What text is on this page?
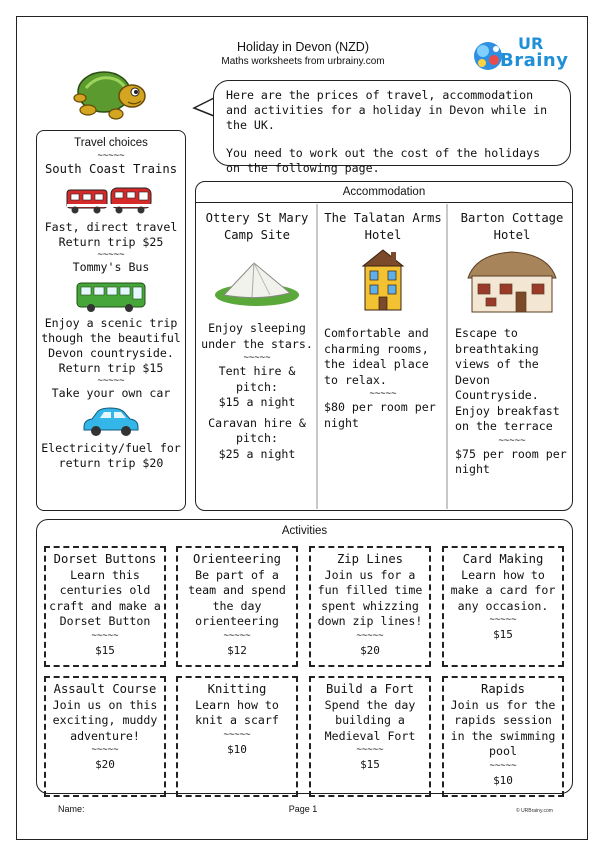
Holiday in Devon (NZD)
Maths worksheets from urbrainy.com
UR
Brainy

Here are the prices of travel, accommodation and activities for a holiday in Devon while in the UK.

You need to work out the cost of the holidays on the following page.

Travel choices
~~~~~
South Coast Trains
Fast, direct travel
Return trip $25
~~~~~
Tommy's Bus
Enjoy a scenic trip though the beautiful Devon countryside.
Return trip $15
~~~~~
Take your own car
Electricity/fuel for return trip $20
Accommodation
Ottery St Mary Camp Site
Enjoy sleeping under the stars.
~~~~~
Tent hire & pitch:
$15 a night
Caravan hire & pitch:
$25 a night
The Talatan Arms Hotel
Comfortable and charming rooms, the ideal place to relax.
~~~~~
$80 per room per night
Barton Cottage Hotel
Escape to breathtaking views of the Devon Countryside. Enjoy breakfast on the terrace
~~~~~
$75 per room per night
Activities
Dorset Buttons
Learn this centuries old craft and make a Dorset Button
~~~~~
$15
Orienteering
Be part of a team and spend the day orienteering
~~~~~
$12
Zip Lines
Join us for a fun filled time spent whizzing down zip lines!
~~~~~
$20
Card Making
Learn how to make a card for any occasion.
~~~~~
$15
Assault Course
Join us on this exciting, muddy adventure!
~~~~~
$20
Knitting
Learn how to knit a scarf
~~~~~
$10
Build a Fort
Spend the day building a Medieval Fort
~~~~~
$15
Rapids
Join us for the rapids session in the swimming pool
~~~~~
$10
Name:	Page 1	© URBrainy.com
